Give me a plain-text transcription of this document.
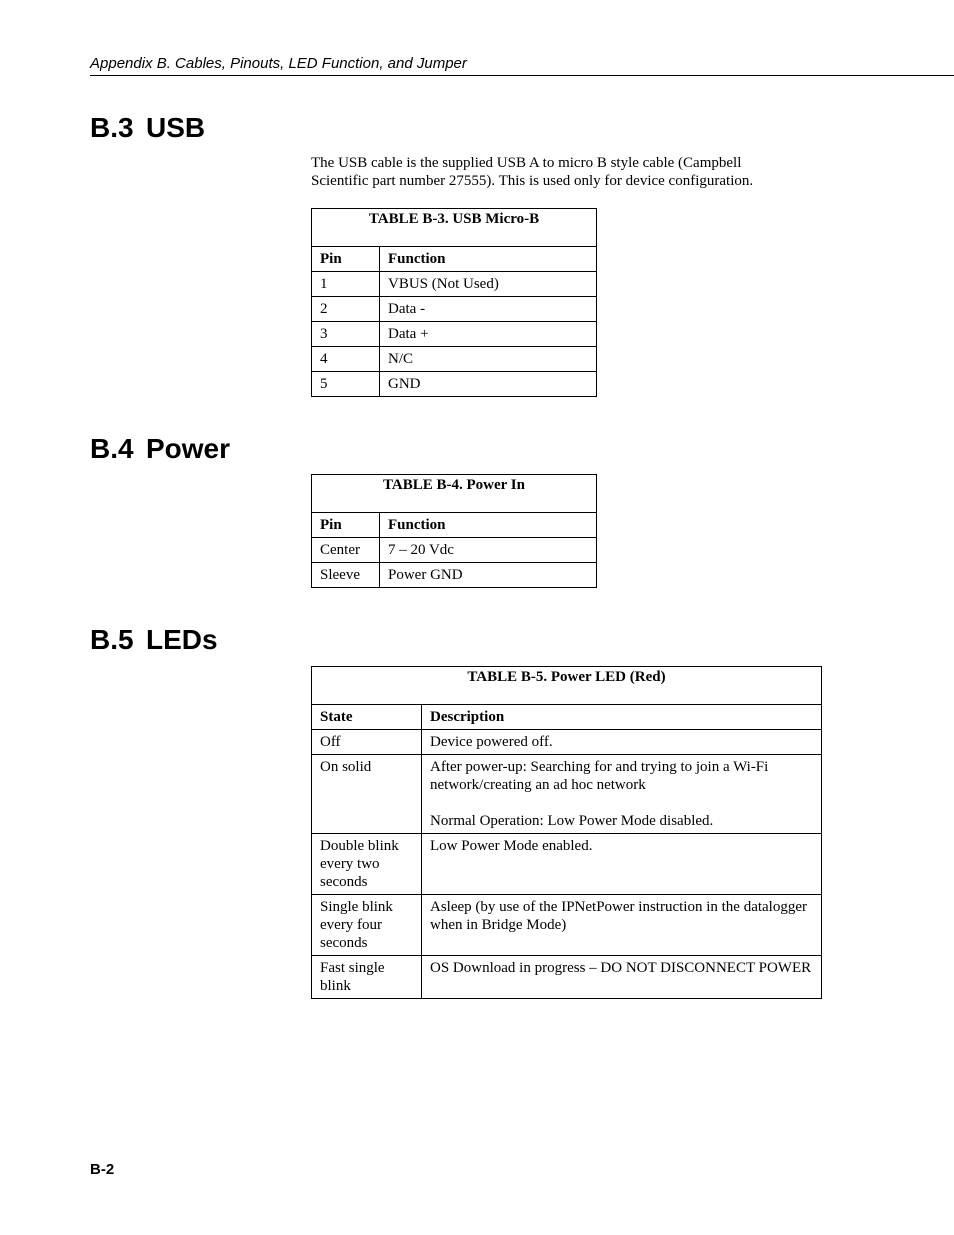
Appendix B. Cables, Pinouts, LED Function, and Jumper
B.3 USB

The USB cable is the supplied USB A to micro B style cable (Campbell Scientific part number 27555). This is used only for device configuration.

TABLE B-3. USB Micro-B	
Pin	Function
1	VBUS (Not Used)
2	Data -
3	Data +
4	N/C
5	GND
B.4 Power
TABLE B-4. Power In	
Pin	Function
Center	7 – 20 Vdc
Sleeve	Power GND
B.5 LEDs
TABLE B-5. Power LED (Red)	
State	Description
Off	Device powered off.
On solid	After power-up: Searching for and trying to join a Wi-Fi network/creating an ad hoc network

Normal Operation: Low Power Mode disabled.
Double blink every two seconds	Low Power Mode enabled.
Single blink every four seconds	Asleep (by use of the IPNetPower instruction in the datalogger when in Bridge Mode)
Fast single blink	OS Download in progress – DO NOT DISCONNECT POWER
B-2
